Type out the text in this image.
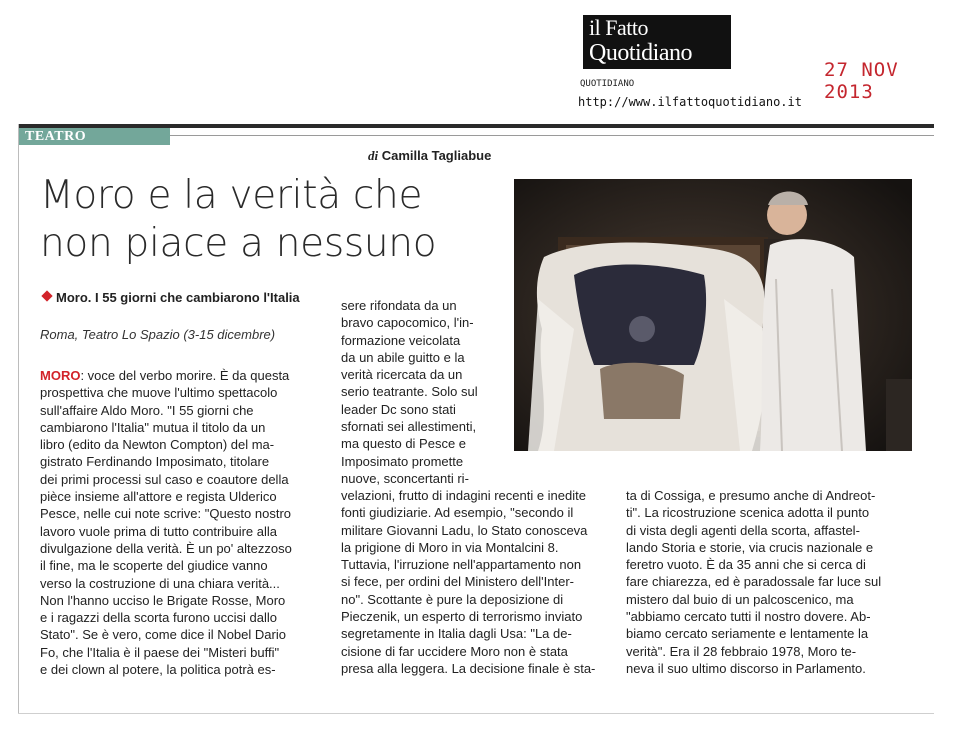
il Fatto
Quotidiano
QUOTIDIANO
http://www.ilfattoquotidiano.it
27 NOV 2013
TEATRO
di Camilla Tagliabue
Moro e la verità che
non piace a nessuno
Moro. I 55 giorni che cambiarono l'Italia
Roma, Teatro Lo Spazio (3-15 dicembre)
MORO: voce del verbo morire. È da questa
prospettiva che muove l'ultimo spettacolo
sull'affaire Aldo Moro. "I 55 giorni che
cambiarono l'Italia" mutua il titolo da un
libro (edito da Newton Compton) del ma-
gistrato Ferdinando Imposimato, titolare
dei primi processi sul caso e coautore della
pièce insieme all'attore e regista Ulderico
Pesce, nelle cui note scrive: "Questo nostro
lavoro vuole prima di tutto contribuire alla
divulgazione della verità. È un po' altezzoso
il fine, ma le scoperte del giudice vanno
verso la costruzione di una chiara verità...
Non l'hanno ucciso le Brigate Rosse, Moro
e i ragazzi della scorta furono uccisi dallo
Stato". Se è vero, come dice il Nobel Dario
Fo, che l'Italia è il paese dei "Misteri buffi"
e dei clown al potere, la politica potrà es-
sere rifondata da un
bravo capocomico, l'in-
formazione veicolata
da un abile guitto e la
verità ricercata da un
serio teatrante. Solo sul
leader Dc sono stati
sfornati sei allestimenti,
ma questo di Pesce e
Imposimato promette
nuove, sconcertanti ri-
velazioni, frutto di indagini recenti e inedite
fonti giudiziarie. Ad esempio, "secondo il
militare Giovanni Ladu, lo Stato conosceva
la prigione di Moro in via Montalcini 8.
Tuttavia, l'irruzione nell'appartamento non
si fece, per ordini del Ministero dell'Inter-
no". Scottante è pure la deposizione di
Pieczenik, un esperto di terrorismo inviato
segretamente in Italia dagli Usa: "La de-
cisione di far uccidere Moro non è stata
presa alla leggera. La decisione finale è sta-
ta di Cossiga, e presumo anche di Andreot-
ti". La ricostruzione scenica adotta il punto
di vista degli agenti della scorta, affastel-
lando Storia e storie, via crucis nazionale e
feretro vuoto. È da 35 anni che si cerca di
fare chiarezza, ed è paradossale far luce sul
mistero dal buio di un palcoscenico, ma
"abbiamo cercato tutti il nostro dovere. Ab-
biamo cercato seriamente e lentamente la
verità". Era il 28 febbraio 1978, Moro te-
neva il suo ultimo discorso in Parlamento.
